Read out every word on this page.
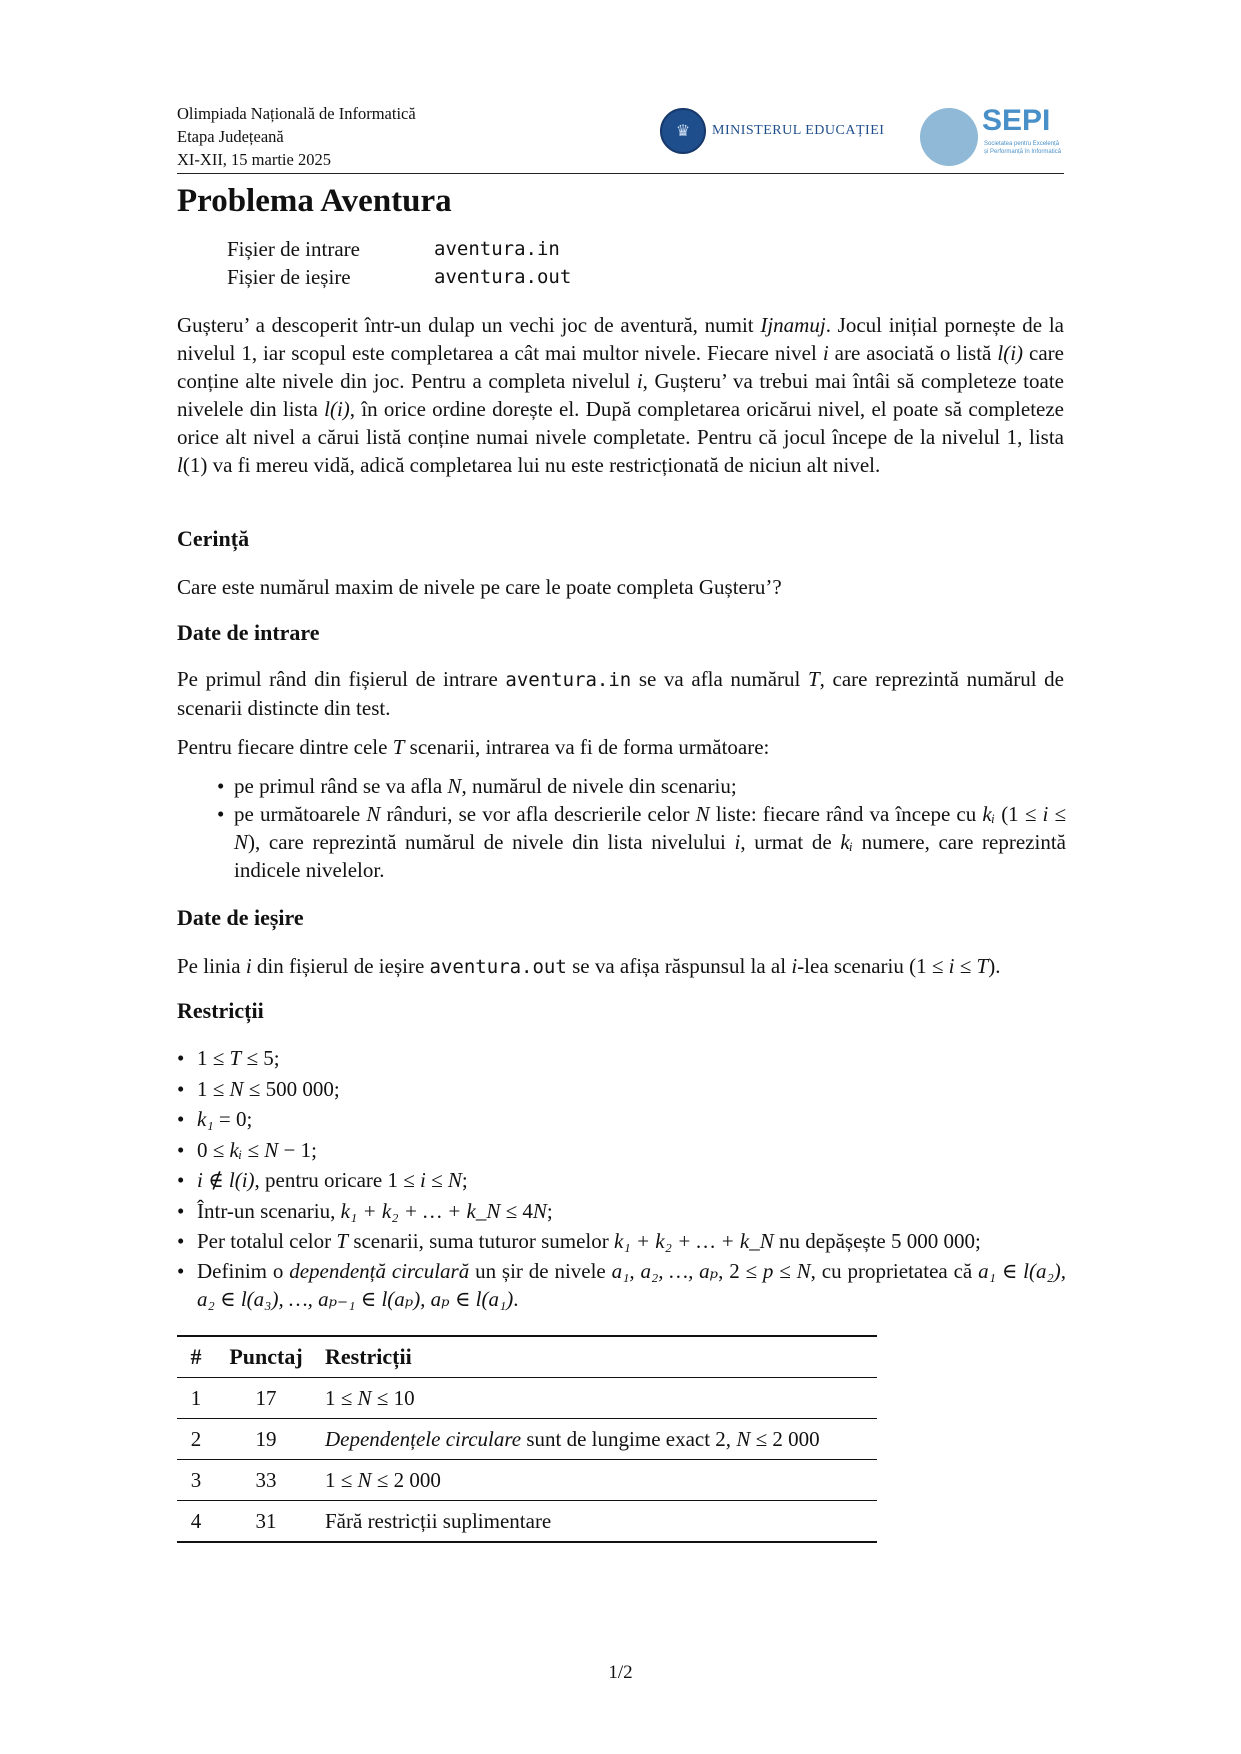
Olimpiada Națională de Informatică
Etapa Județeană
XI-XII, 15 martie 2025
♛	MINISTERUL EDUCAȚIEI	SEPI
Societatea pentru Excelență și Performanță în Informatică
Problema Aventura
Fișier de intrare	aventura.in
Fișier de ieșire	aventura.out
Gușteru’ a descoperit într-un dulap un vechi joc de aventură, numit Ijnamuj. Jocul inițial pornește de la nivelul 1, iar scopul este completarea a cât mai multor nivele. Fiecare nivel i are asociată o listă l(i) care conține alte nivele din joc. Pentru a completa nivelul i, Gușteru’ va trebui mai întâi să completeze toate nivelele din lista l(i), în orice ordine dorește el. După completarea oricărui nivel, el poate să completeze orice alt nivel a cărui listă conține numai nivele completate. Pentru că jocul începe de la nivelul 1, lista l(1) va fi mereu vidă, adică completarea lui nu este restricționată de niciun alt nivel.
Cerință
Care este numărul maxim de nivele pe care le poate completa Gușteru’?
Date de intrare
Pe primul rând din fișierul de intrare aventura.in se va afla numărul T, care reprezintă numărul de scenarii distincte din test.
Pentru fiecare dintre cele T scenarii, intrarea va fi de forma următoare:
• pe primul rând se va afla N, numărul de nivele din scenariu;
• pe următoarele N rânduri, se vor afla descrierile celor N liste: fiecare rând va începe cu kᵢ (1 ≤ i ≤ N), care reprezintă numărul de nivele din lista nivelului i, urmat de kᵢ numere, care reprezintă indicele nivelelor.
Date de ieșire
Pe linia i din fișierul de ieșire aventura.out se va afișa răspunsul la al i-lea scenariu (1 ≤ i ≤ T).
Restricții
• 1 ≤ T ≤ 5;
• 1 ≤ N ≤ 500 000;
• k₁ = 0;
• 0 ≤ kᵢ ≤ N − 1;
• i ∉ l(i), pentru oricare 1 ≤ i ≤ N;
• Într-un scenariu, k₁ + k₂ + … + k_N ≤ 4N;
• Per totalul celor T scenarii, suma tuturor sumelor k₁ + k₂ + … + k_N nu depășește 5 000 000;
• Definim o dependență circulară un șir de nivele a₁, a₂, …, aₚ, 2 ≤ p ≤ N, cu proprietatea că a₁ ∈ l(a₂), a₂ ∈ l(a₃), …, aₚ₋₁ ∈ l(aₚ), aₚ ∈ l(a₁).
#	Punctaj	Restricții
1	17	1 ≤ N ≤ 10
2	19	Dependențele circulare sunt de lungime exact 2, N ≤ 2 000
3	33	1 ≤ N ≤ 2 000
4	31	Fără restricții suplimentare
1/2
